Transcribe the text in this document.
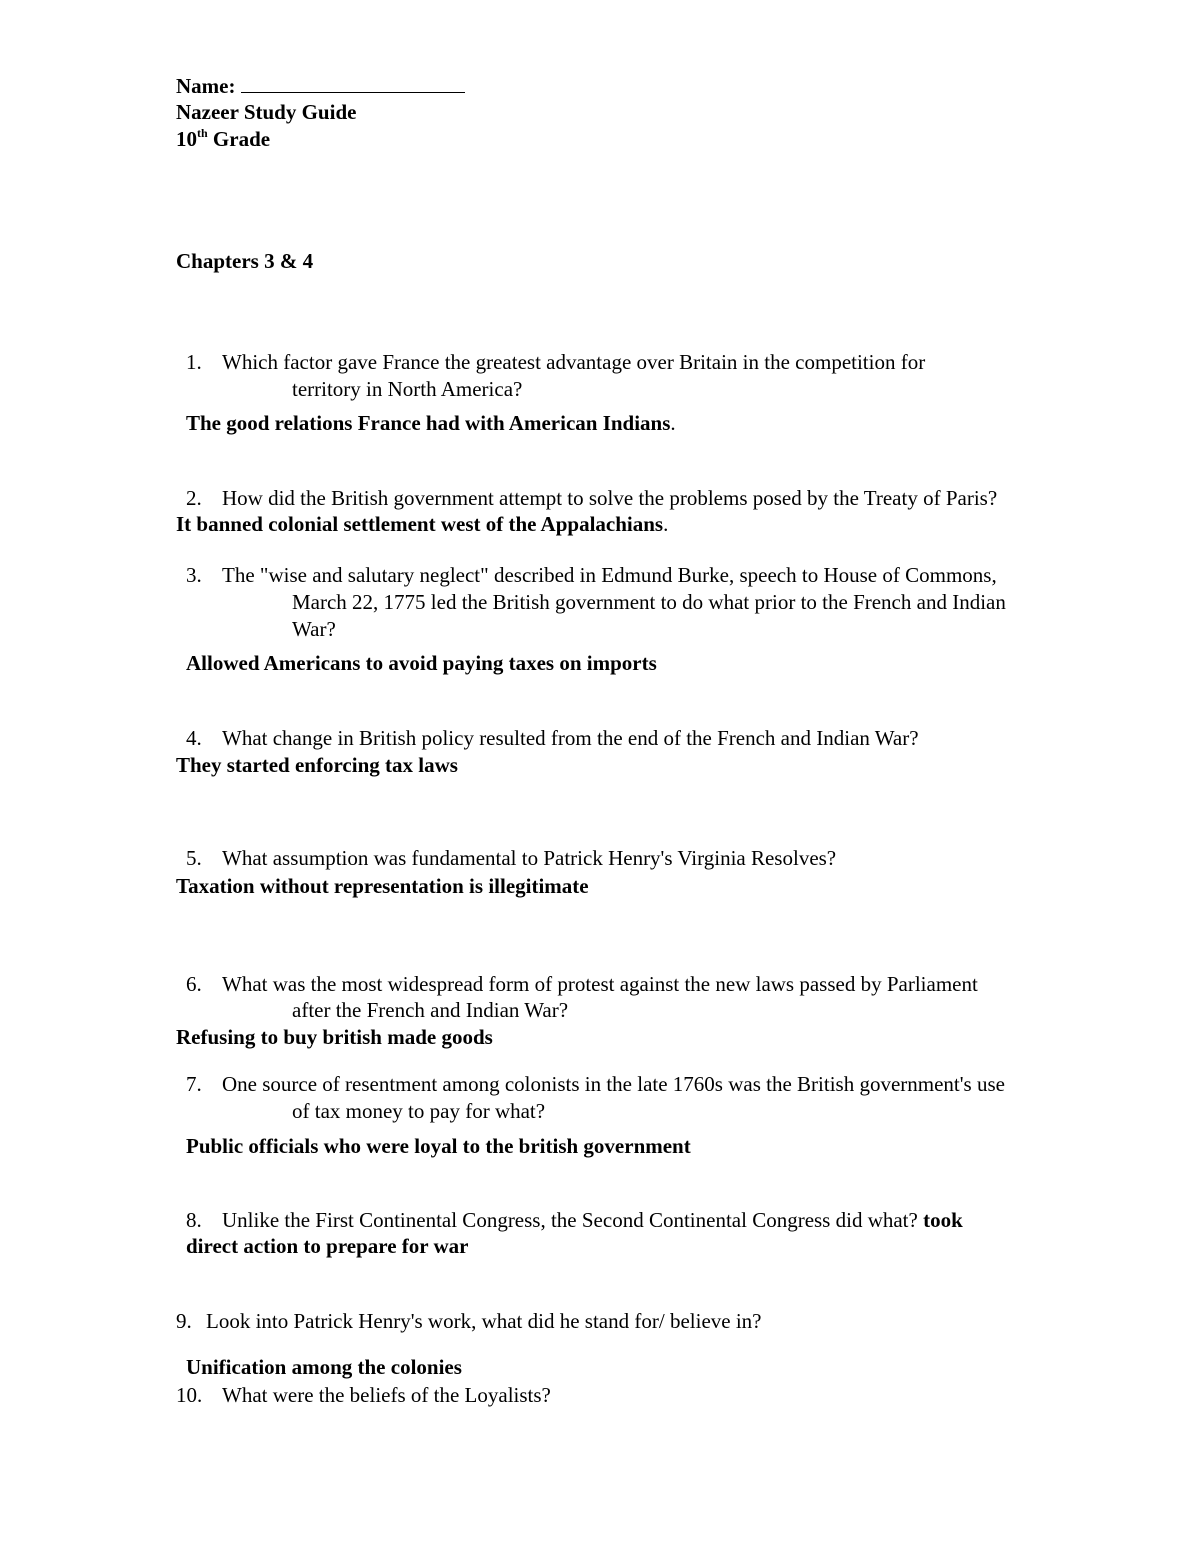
Name:
Nazeer Study Guide
10th Grade
Chapters 3 & 4
1. Which factor gave France the greatest advantage over Britain in the competition for
territory in North America?
The good relations France had with American Indians.
2. How did the British government attempt to solve the problems posed by the Treaty of Paris?
It banned colonial settlement west of the Appalachians.
3. The "wise and salutary neglect" described in Edmund Burke, speech to House of Commons,
March 22, 1775 led the British government to do what prior to the French and Indian
War?
Allowed Americans to avoid paying taxes on imports
4. What change in British policy resulted from the end of the French and Indian War?
They started enforcing tax laws
5. What assumption was fundamental to Patrick Henry's Virginia Resolves?
Taxation without representation is illegitimate
6. What was the most widespread form of protest against the new laws passed by Parliament
after the French and Indian War?
Refusing to buy british made goods
7. One source of resentment among colonists in the late 1760s was the British government's use
of tax money to pay for what?
Public officials who were loyal to the british government
8. Unlike the First Continental Congress, the Second Continental Congress did what? took
direct action to prepare for war
9. Look into Patrick Henry's work, what did he stand for/ believe in?
Unification among the colonies
10. What were the beliefs of the Loyalists?
